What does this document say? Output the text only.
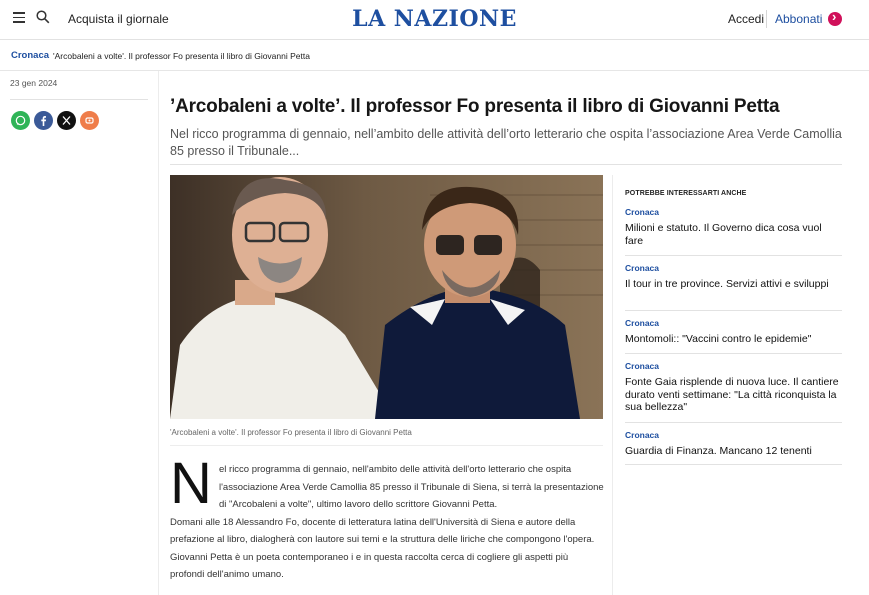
Acquista il giornale	LA NAZIONE	Accedi Abbonati
›
Cronaca 'Arcobaleni a volte'. Il professor Fo presenta il libro di Giovanni Petta
23 gen 2024
’Arcobaleni a volte’. Il professor Fo presenta il libro di Giovanni Petta

Nel ricco programma di gennaio, nell’ambito delle attività dell’orto letterario che ospita l’associazione Area Verde Camollia 85 presso il Tribunale...

'Arcobaleni a volte'. Il professor Fo presenta il libro di Giovanni Petta
N el ricco programma di gennaio, nell'ambito delle attività dell'orto letterario che ospita l'associazione Area Verde Camollia 85 presso il Tribunale di Siena, si terrà la presentazione di "Arcobaleni a volte", ultimo lavoro dello scrittore Giovanni Petta.
Domani alle 18 Alessandro Fo, docente di letteratura latina dell'Università di Siena e autore della prefazione al libro, dialogherà con lautore sui temi e la struttura delle liriche che compongono l'opera. Giovanni Petta è un poeta contemporaneo i e in questa raccolta cerca di cogliere gli aspetti più profondi dell'animo umano.
POTREBBE INTERESSARTI ANCHE
Cronaca
Milioni e statuto. Il Governo dica cosa vuol fare
Cronaca
Il tour in tre province. Servizi attivi e sviluppi
Cronaca
Montomoli:: "Vaccini contro le epidemie"
Cronaca
Fonte Gaia risplende di nuova luce. Il cantiere durato venti settimane: "La città riconquista la sua bellezza"
Cronaca
Guardia di Finanza. Mancano 12 tenenti
